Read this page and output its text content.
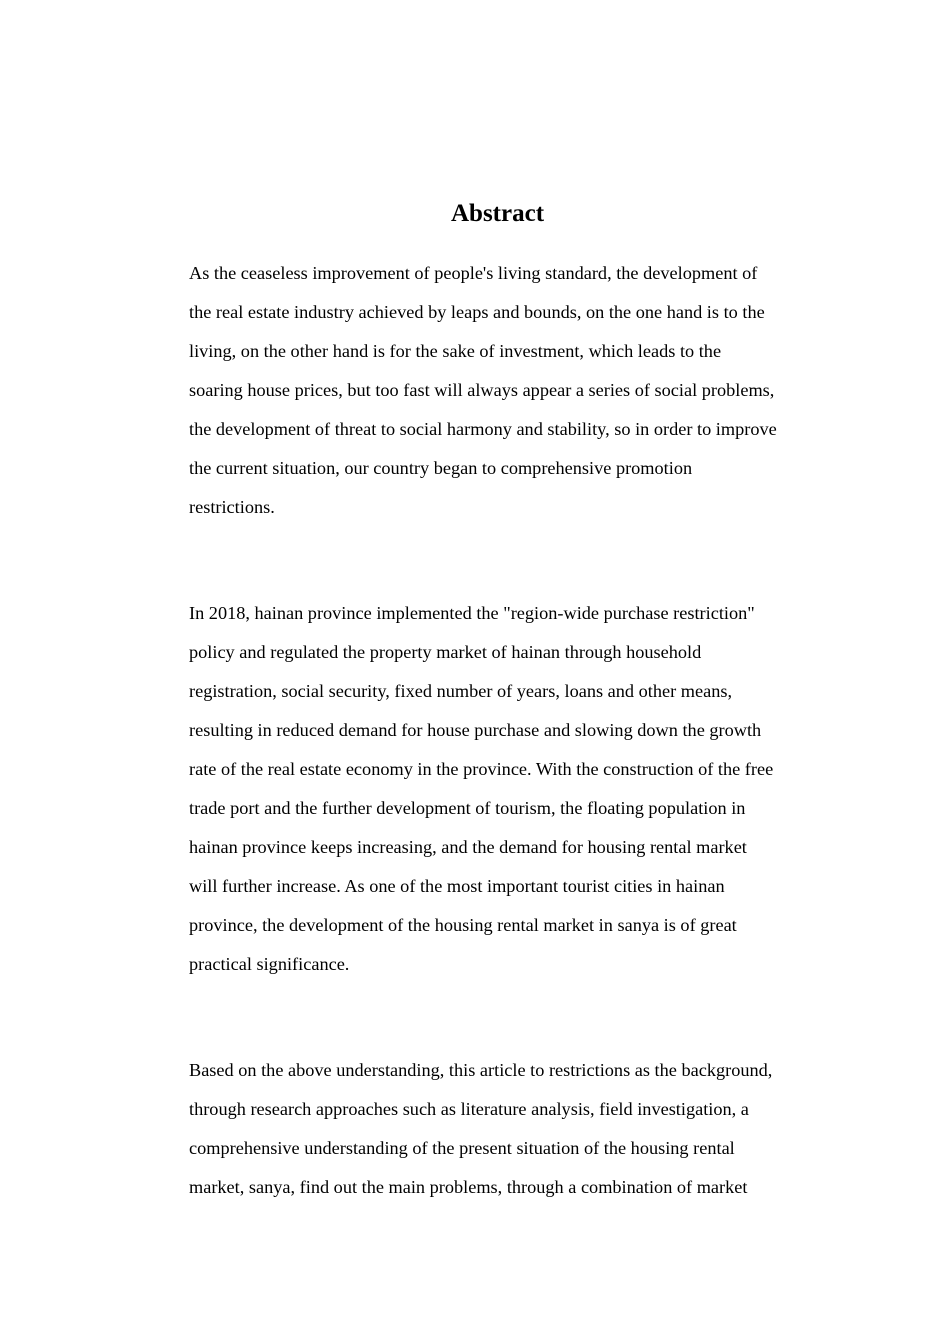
Abstract

As the ceaseless improvement of people's living standard, the development of
the real estate industry achieved by leaps and bounds, on the one hand is to the
living, on the other hand is for the sake of investment, which leads to the
soaring house prices, but too fast will always appear a series of social problems,
the development of threat to social harmony and stability, so in order to improve
the current situation, our country began to comprehensive promotion
restrictions.

In 2018, hainan province implemented the "region-wide purchase restriction"
policy and regulated the property market of hainan through household
registration, social security, fixed number of years, loans and other means,
resulting in reduced demand for house purchase and slowing down the growth
rate of the real estate economy in the province. With the construction of the free
trade port and the further development of tourism, the floating population in
hainan province keeps increasing, and the demand for housing rental market
will further increase. As one of the most important tourist cities in hainan
province, the development of the housing rental market in sanya is of great
practical significance.

Based on the above understanding, this article to restrictions as the background,
through research approaches such as literature analysis, field investigation, a
comprehensive understanding of the present situation of the housing rental
market, sanya, find out the main problems, through a combination of market
